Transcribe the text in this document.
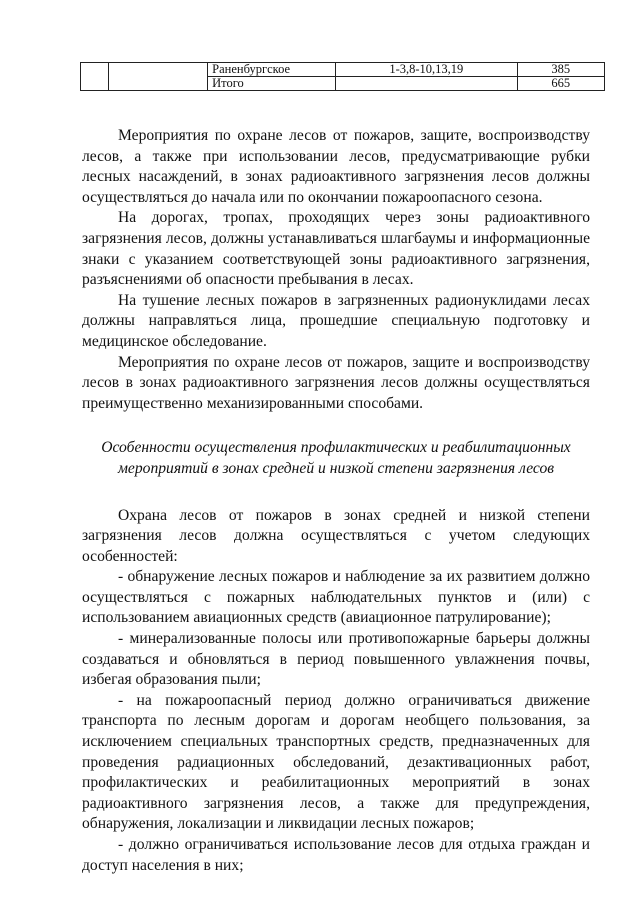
		Раненбургское	1-3,8-10,13,19	385
		Итого		665

Мероприятия по охране лесов от пожаров, защите, воспроизводству лесов, а также при использовании лесов, предусматривающие рубки лесных насаждений, в зонах радиоактивного загрязнения лесов должны осуществляться до начала или по окончании пожароопасного сезона.

На дорогах, тропах, проходящих через зоны радиоактивного загрязнения лесов, должны устанавливаться шлагбаумы и информационные знаки с указанием соответствующей зоны радиоактивного загрязнения, разъяснениями об опасности пребывания в лесах.

На тушение лесных пожаров в загрязненных радионуклидами лесах должны направляться лица, прошедшие специальную подготовку и медицинское обследование.

Мероприятия по охране лесов от пожаров, защите и воспроизводству лесов в зонах радиоактивного загрязнения лесов должны осуществляться преимущественно механизированными способами.

Особенности осуществления профилактических и реабилитационных
мероприятий в зонах средней и низкой степени загрязнения лесов

Охрана лесов от пожаров в зонах средней и низкой степени загрязнения лесов должна осуществляться с учетом следующих особенностей:

- обнаружение лесных пожаров и наблюдение за их развитием должно осуществляться с пожарных наблюдательных пунктов и (или) с использованием авиационных средств (авиационное патрулирование);

- минерализованные полосы или противопожарные барьеры должны создаваться и обновляться в период повышенного увлажнения почвы, избегая образования пыли;

- на пожароопасный период должно ограничиваться движение транспорта по лесным дорогам и дорогам необщего пользования, за исключением специальных транспортных средств, предназначенных для проведения радиационных обследований, дезактивационных работ, профилактических и реабилитационных мероприятий в зонах радиоактивного загрязнения лесов, а также для предупреждения, обнаружения, локализации и ликвидации лесных пожаров;

- должно ограничиваться использование лесов для отдыха граждан и доступ населения в них;
